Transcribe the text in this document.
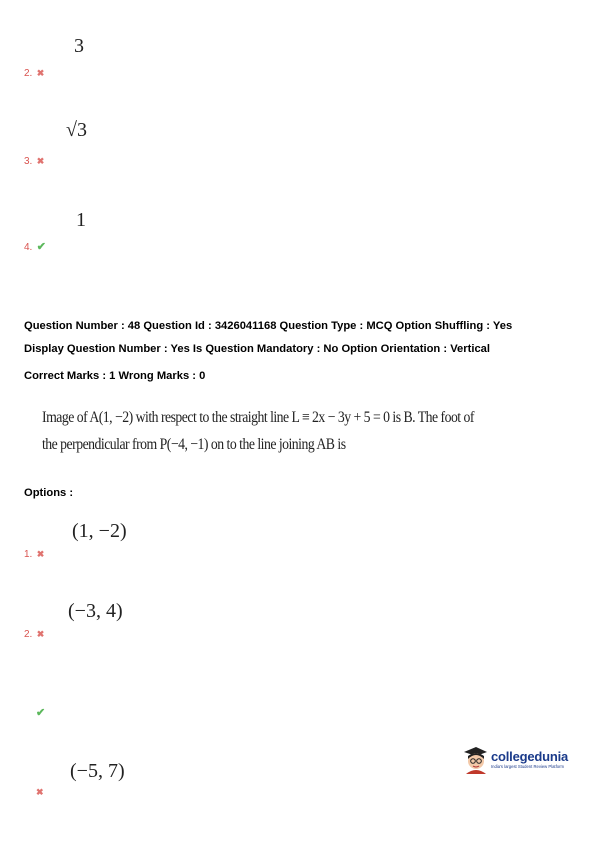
3
2. ✖
√3
3. ✖
1
4. ✔
Question Number : 48 Question Id : 3426041168 Question Type : MCQ Option Shuffling : Yes
Display Question Number : Yes Is Question Mandatory : No Option Orientation : Vertical
Correct Marks : 1 Wrong Marks : 0
Image of A(1, −2) with respect to the straight line L ≡ 2x − 3y + 5 = 0 is B. The foot of
the perpendicular from P(−4, −1) on to the line joining AB is
Options :
(1, −2)
1. ✖
(−3, 4)
2. ✖
✔
(−5, 7)
✖
collegedunia
India's largest Student Review Platform
